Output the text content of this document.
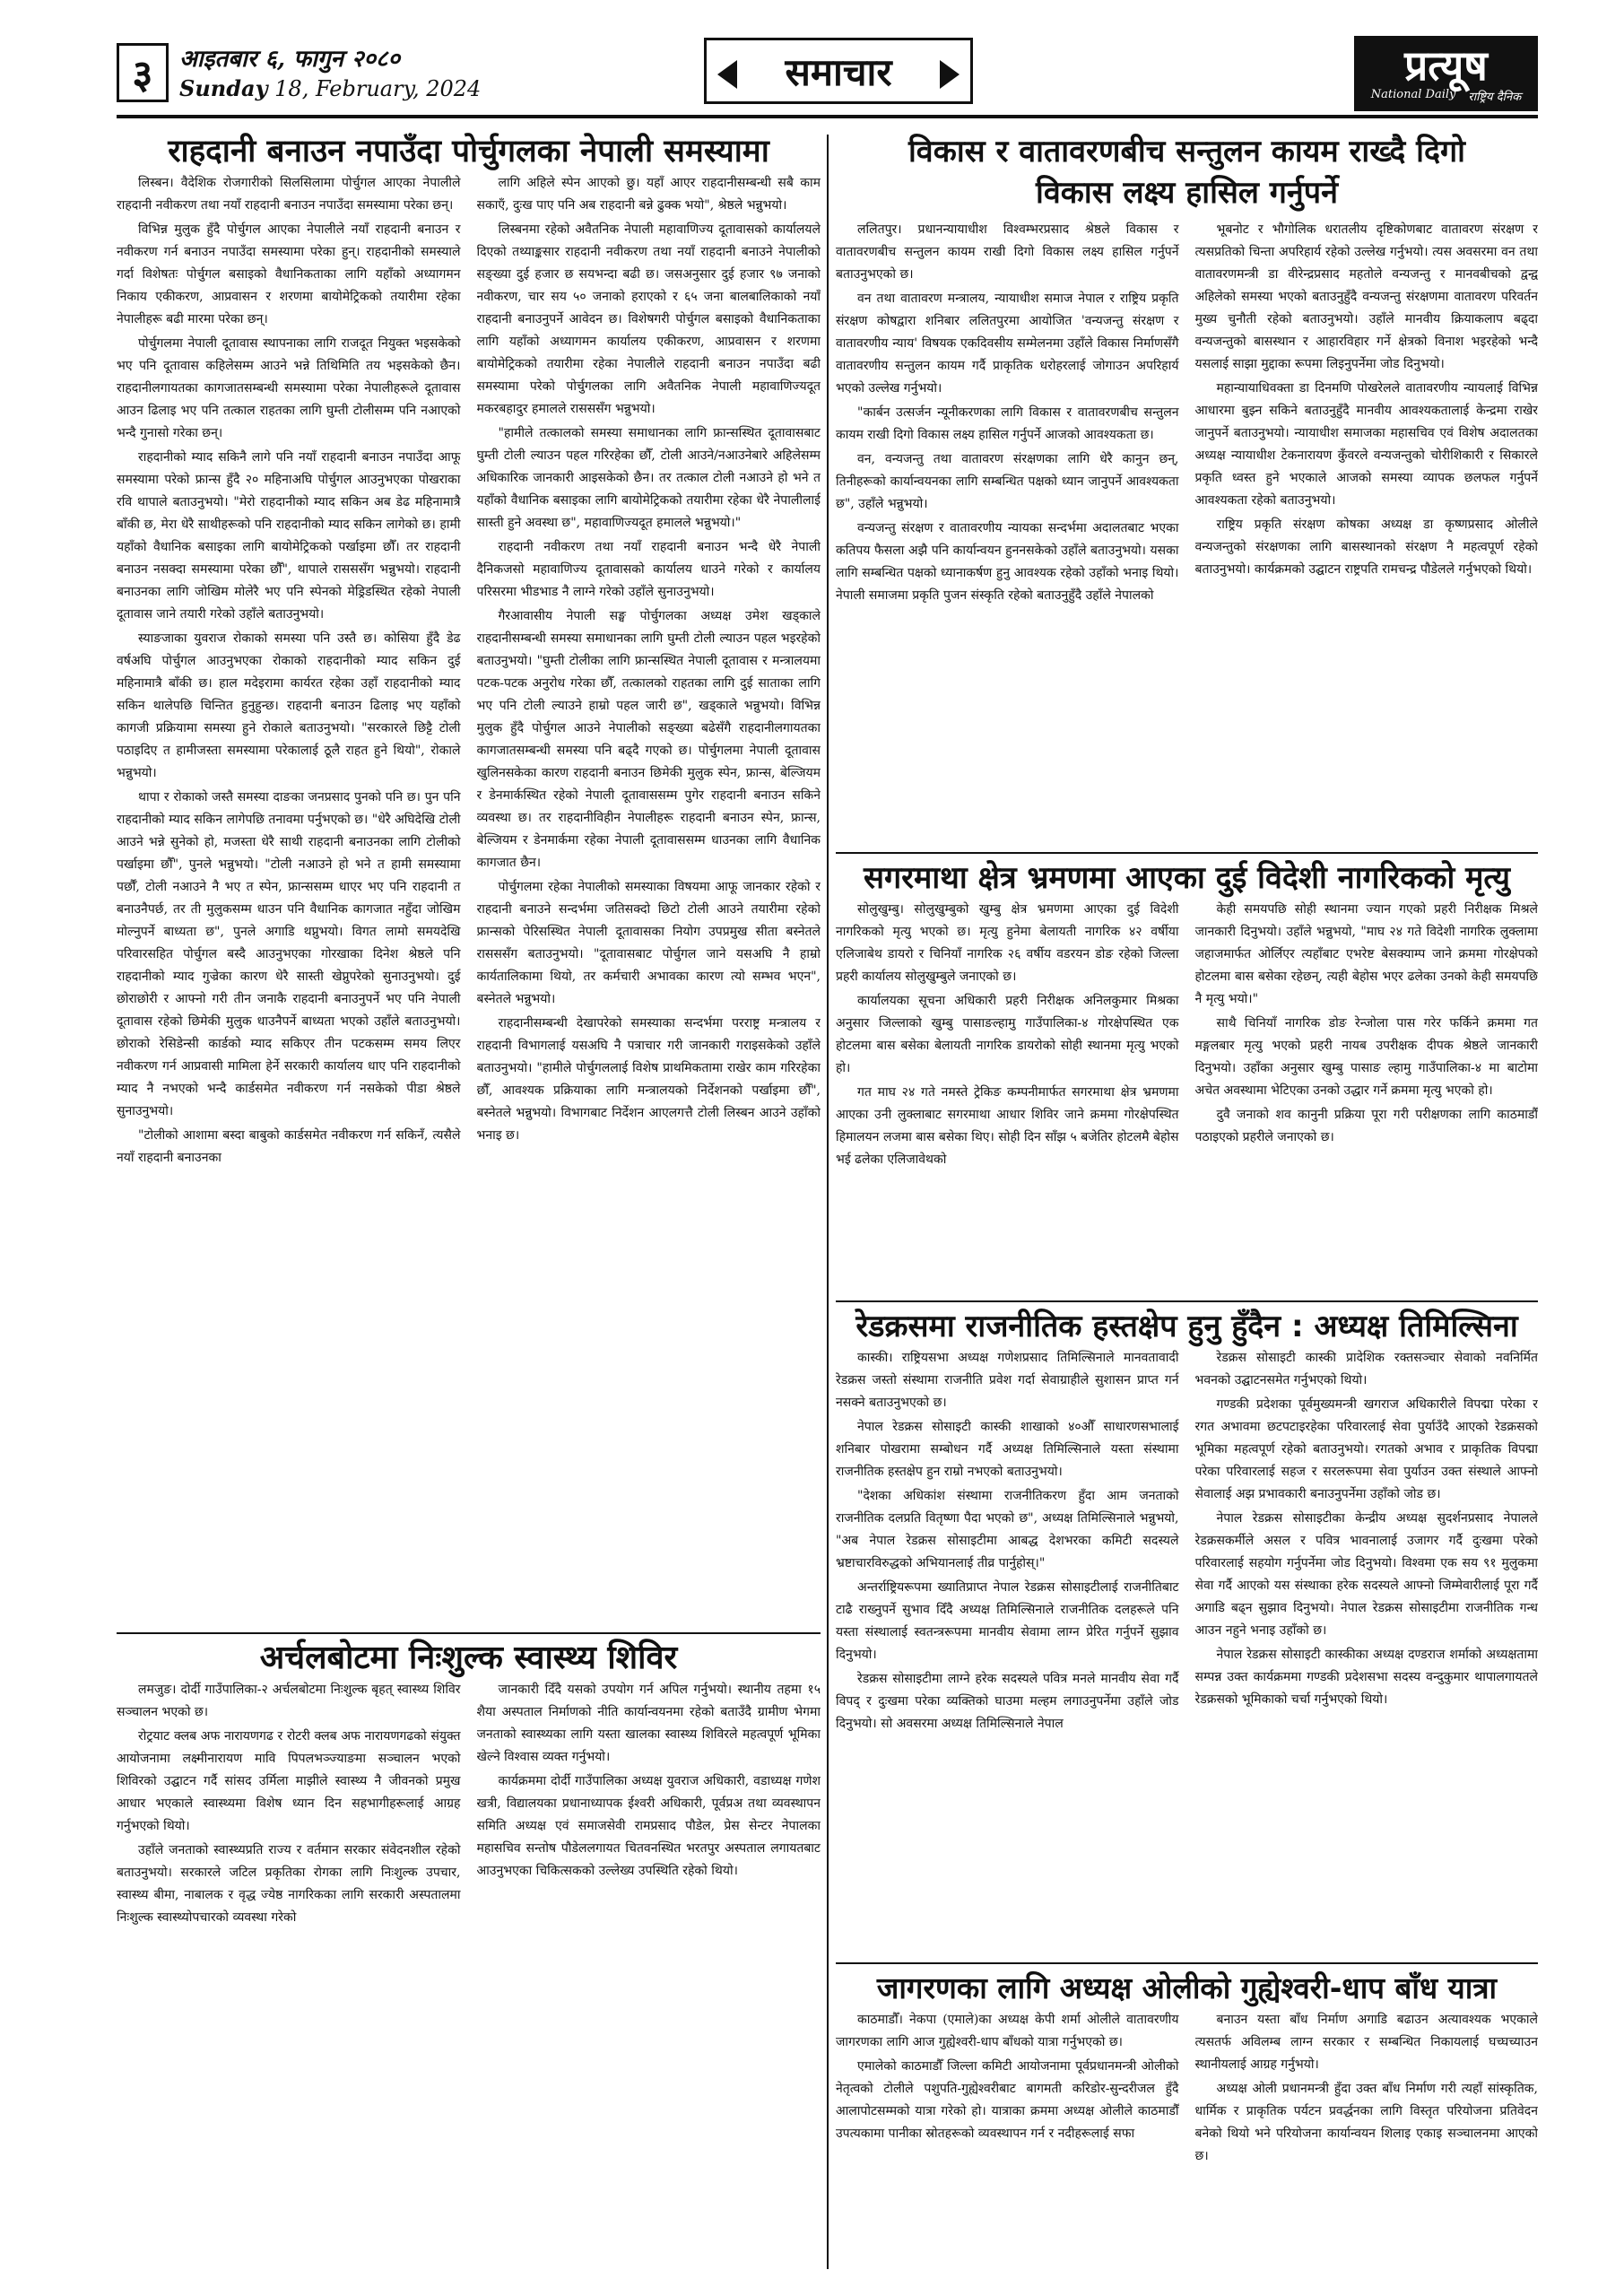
३	आइतबार ६, फागुन २०८०
Sunday 18, February, 2024	समाचार	प्रत्यूष
National Daily राष्ट्रिय दैनिक
राहदानी बनाउन नपाउँदा पोर्चुगलका नेपाली समस्यामा

लिस्बन। वैदेशिक रोजगारीको सिलसिलामा पोर्चुगल आएका नेपालीले राहदानी नवीकरण तथा नयाँ राहदानी बनाउन नपाउँदा समस्यामा परेका छन्।

विभिन्न मुलुक हुँदै पोर्चुगल आएका नेपालीले नयाँ राहदानी बनाउन र नवीकरण गर्न बनाउन नपाउँदा समस्यामा परेका हुन्। राहदानीको समस्याले गर्दा विशेषतः पोर्चुगल बसाइको वैधानिकताका लागि यहाँको अध्यागमन निकाय एकीकरण, आप्रवासन र शरणमा बायोमेट्रिकको तयारीमा रहेका नेपालीहरू बढी मारमा परेका छन्।

पोर्चुगलमा नेपाली दूतावास स्थापनाका लागि राजदूत नियुक्त भइसकेको भए पनि दूतावास कहिलेसम्म आउने भन्ने तिथिमिति तय भइसकेको छैन। राहदानीलगायतका कागजातसम्बन्धी समस्यामा परेका नेपालीहरूले दूतावास आउन ढिलाइ भए पनि तत्काल राहतका लागि घुम्ती टोलीसम्म पनि नआएको भन्दै गुनासो गरेका छन्।

राहदानीको म्याद सकिनै लागे पनि नयाँ राहदानी बनाउन नपाउँदा आफू समस्यामा परेको फ्रान्स हुँदै २० महिनाअघि पोर्चुगल आउनुभएका पोखराका रवि थापाले बताउनुभयो। "मेरो राहदानीको म्याद सकिन अब डेढ महिनामात्रै बाँकी छ, मेरा धेरै साथीहरूको पनि राहदानीको म्याद सकिन लागेको छ। हामी यहाँको वैधानिक बसाइका लागि बायोमेट्रिकको पर्खाइमा छौँ। तर राहदानी बनाउन नसक्दा समस्यामा परेका छौँ", थापाले रासससँग भन्नुभयो। राहदानी बनाउनका लागि जोखिम मोलेरै भए पनि स्पेनको मेड्रिडस्थित रहेको नेपाली दूतावास जाने तयारी गरेको उहाँले बताउनुभयो।

स्याङजाका युवराज रोकाको समस्या पनि उस्तै छ। कोसिया हुँदै डेढ वर्षअघि पोर्चुगल आउनुभएका रोकाको राहदानीको म्याद सकिन दुई महिनामात्रै बाँकी छ। हाल मदेइरामा कार्यरत रहेका उहाँ राहदानीको म्याद सकिन थालेपछि चिन्तित हुनुहुन्छ। राहदानी बनाउन ढिलाइ भए यहाँको कागजी प्रक्रियामा समस्या हुने रोकाले बताउनुभयो। "सरकारले छिट्टै टोली पठाइदिए त हामीजस्ता समस्यामा परेकालाई ठूलै राहत हुने थियो", रोकाले भन्नुभयो।

थापा र रोकाको जस्तै समस्या दाङका जनप्रसाद पुनको पनि छ। पुन पनि राहदानीको म्याद सकिन लागेपछि तनावमा पर्नुभएको छ। "धेरै अघिदेखि टोली आउने भन्ने सुनेको हो, मजस्ता धेरै साथी राहदानी बनाउनका लागि टोलीको पर्खाइमा छौँ", पुनले भन्नुभयो। "टोली नआउने हो भने त हामी समस्यामा पर्छौँ, टोली नआउने नै भए त स्पेन, फ्रान्ससम्म धाएर भए पनि राहदानी त बनाउनैपर्छ, तर ती मुलुकसम्म धाउन पनि वैधानिक कागजात नहुँदा जोखिम मोल्नुपर्ने बाध्यता छ", पुनले अगाडि थप्नुभयो। विगत लामो समयदेखि परिवारसहित पोर्चुगल बस्दै आउनुभएका गोरखाका दिनेश श्रेष्ठले पनि राहदानीको म्याद गुज्रेका कारण धेरै सास्ती खेप्नुपरेको सुनाउनुभयो। दुई छोराछोरी र आफ्नो गरी तीन जनाकै राहदानी बनाउनुपर्ने भए पनि नेपाली दूतावास रहेको छिमेकी मुलुक धाउनैपर्ने बाध्यता भएको उहाँले बताउनुभयो। छोराको रेसिडेन्सी कार्डको म्याद सकिएर तीन पटकसम्म समय लिएर नवीकरण गर्न आप्रवासी मामिला हेर्ने सरकारी कार्यालय धाए पनि राहदानीको म्याद नै नभएको भन्दै कार्डसमेत नवीकरण गर्न नसकेको पीडा श्रेष्ठले सुनाउनुभयो।

"टोलीको आशामा बस्दा बाबुको कार्डसमेत नवीकरण गर्न सकिनँ, त्यसैले नयाँ राहदानी बनाउनका

लागि अहिले स्पेन आएको छु। यहाँ आएर राहदानीसम्बन्धी सबै काम सकाएँ, दुःख पाए पनि अब राहदानी बन्ने ढुक्क भयो", श्रेष्ठले भन्नुभयो।

लिस्बनमा रहेको अवैतनिक नेपाली महावाणिज्य दूतावासको कार्यालयले दिएको तथ्याङ्कसार राहदानी नवीकरण तथा नयाँ राहदानी बनाउने नेपालीको सङ्ख्या दुई हजार छ सयभन्दा बढी छ। जसअनुसार दुई हजार ९७ जनाको नवीकरण, चार सय ५० जनाको हराएको र ६५ जना बालबालिकाको नयाँ राहदानी बनाउनुपर्ने आवेदन छ। विशेषगरी पोर्चुगल बसाइको वैधानिकताका लागि यहाँको अध्यागमन कार्यालय एकीकरण, आप्रवासन र शरणमा बायोमेट्रिकको तयारीमा रहेका नेपालीले राहदानी बनाउन नपाउँदा बढी समस्यामा परेको पोर्चुगलका लागि अवैतनिक नेपाली महावाणिज्यदूत मकरबहादुर हमालले रासससँग भन्नुभयो।

"हामीले तत्कालको समस्या समाधानका लागि फ्रान्सस्थित दूतावासबाट घुम्ती टोली ल्याउन पहल गरिरहेका छौँ, टोली आउने/नआउनेबारे अहिलेसम्म अधिकारिक जानकारी आइसकेको छैन। तर तत्काल टोली नआउने हो भने त यहाँको वैधानिक बसाइका लागि बायोमेट्रिकको तयारीमा रहेका धेरै नेपालीलाई सास्ती हुने अवस्था छ", महावाणिज्यदूत हमालले भन्नुभयो।"

राहदानी नवीकरण तथा नयाँ राहदानी बनाउन भन्दै धेरै नेपाली दैनिकजसो महावाणिज्य दूतावासको कार्यालय धाउने गरेको र कार्यालय परिसरमा भीडभाड नै लाग्ने गरेको उहाँले सुनाउनुभयो।

गैरआवासीय नेपाली सङ्घ पोर्चुगलका अध्यक्ष उमेश खड्काले राहदानीसम्बन्धी समस्या समाधानका लागि घुम्ती टोली ल्याउन पहल भइरहेको बताउनुभयो। "घुम्ती टोलीका लागि फ्रान्सस्थित नेपाली दूतावास र मन्त्रालयमा पटक-पटक अनुरोध गरेका छौँ, तत्कालको राहतका लागि दुई साताका लागि भए पनि टोली ल्याउने हाम्रो पहल जारी छ", खड्काले भन्नुभयो। विभिन्न मुलुक हुँदै पोर्चुगल आउने नेपालीको सङ्ख्या बढेसँगै राहदानीलगायतका कागजातसम्बन्धी समस्या पनि बढ्दै गएको छ। पोर्चुगलमा नेपाली दूतावास खुलिनसकेका कारण राहदानी बनाउन छिमेकी मुलुक स्पेन, फ्रान्स, बेल्जियम र डेनमार्कस्थित रहेको नेपाली दूतावाससम्म पुगेर राहदानी बनाउन सकिने व्यवस्था छ। तर राहदानीविहीन नेपालीहरू राहदानी बनाउन स्पेन, फ्रान्स, बेल्जियम र डेनमार्कमा रहेका नेपाली दूतावाससम्म धाउनका लागि वैधानिक कागजात छैन।

पोर्चुगलमा रहेका नेपालीको समस्याका विषयमा आफू जानकार रहेको र राहदानी बनाउने सन्दर्भमा जतिसक्दो छिटो टोली आउने तयारीमा रहेको फ्रान्सको पेरिसस्थित नेपाली दूतावासका नियोग उपप्रमुख सीता बस्नेतले रासससँग बताउनुभयो। "दूतावासबाट पोर्चुगल जाने यसअघि नै हाम्रो कार्यतालिकामा थियो, तर कर्मचारी अभावका कारण त्यो सम्भव भएन", बस्नेतले भन्नुभयो।

राहदानीसम्बन्धी देखापरेको समस्याका सन्दर्भमा परराष्ट्र मन्त्रालय र राहदानी विभागलाई यसअघि नै पत्राचार गरी जानकारी गराइसकेको उहाँले बताउनुभयो। "हामीले पोर्चुगललाई विशेष प्राथमिकतामा राखेर काम गरिरहेका छौँ, आवश्यक प्रक्रियाका लागि मन्त्रालयको निर्देशनको पर्खाइमा छौँ", बस्नेतले भन्नुभयो। विभागबाट निर्देशन आएलगत्तै टोली लिस्बन आउने उहाँको भनाइ छ।

अर्चलबोटमा निःशुल्क स्वास्थ्य शिविर

लमजुङ। दोर्दी गाउँपालिका-२ अर्चलबोटमा निःशुल्क बृहत् स्वास्थ्य शिविर सञ्चालन भएको छ।

रोट्रयाट क्लब अफ नारायणगढ र रोटरी क्लब अफ नारायणगढको संयुक्त आयोजनामा लक्ष्मीनारायण मावि पिपलभञ्ज्याङमा सञ्चालन भएको शिविरको उद्घाटन गर्दै सांसद उर्मिला माझीले स्वास्थ्य नै जीवनको प्रमुख आधार भएकाले स्वास्थ्यमा विशेष ध्यान दिन सहभागीहरूलाई आग्रह गर्नुभएको थियो।

उहाँले जनताको स्वास्थ्यप्रति राज्य र वर्तमान सरकार संवेदनशील रहेको बताउनुभयो। सरकारले जटिल प्रकृतिका रोगका लागि निःशुल्क उपचार, स्वास्थ्य बीमा, नाबालक र वृद्ध ज्येष्ठ नागरिकका लागि सरकारी अस्पतालमा निःशुल्क स्वास्थ्योपचारको व्यवस्था गरेको

जानकारी दिँदै यसको उपयोग गर्न अपिल गर्नुभयो। स्थानीय तहमा १५ शैया अस्पताल निर्माणको नीति कार्यान्वयनमा रहेको बताउँदै ग्रामीण भेगमा जनताको स्वास्थ्यका लागि यस्ता खालका स्वास्थ्य शिविरले महत्वपूर्ण भूमिका खेल्ने विश्वास व्यक्त गर्नुभयो।

कार्यक्रममा दोर्दी गाउँपालिका अध्यक्ष युवराज अधिकारी, वडाध्यक्ष गणेश खत्री, विद्यालयका प्रधानाध्यापक ईश्वरी अधिकारी, पूर्वप्रअ तथा व्यवस्थापन समिति अध्यक्ष एवं समाजसेवी रामप्रसाद पौडेल, प्रेस सेन्टर नेपालका महासचिव सन्तोष पौडेललगायत चितवनस्थित भरतपुर अस्पताल लगायतबाट आउनुभएका चिकित्सकको उल्लेख्य उपस्थिति रहेको थियो।

विकास र वातावरणबीच सन्तुलन कायम राख्दै दिगो
विकास लक्ष्य हासिल गर्नुपर्ने

ललितपुर। प्रधानन्यायाधीश विश्वम्भरप्रसाद श्रेष्ठले विकास र वातावरणबीच सन्तुलन कायम राखी दिगो विकास लक्ष्य हासिल गर्नुपर्ने बताउनुभएको छ।

वन तथा वातावरण मन्त्रालय, न्यायाधीश समाज नेपाल र राष्ट्रिय प्रकृति संरक्षण कोषद्वारा शनिबार ललितपुरमा आयोजित 'वन्यजन्तु संरक्षण र वातावरणीय न्याय' विषयक एकदिवसीय सम्मेलनमा उहाँले विकास निर्माणसँगै वातावरणीय सन्तुलन कायम गर्दै प्राकृतिक धरोहरलाई जोगाउन अपरिहार्य भएको उल्लेख गर्नुभयो।

"कार्बन उत्सर्जन न्यूनीकरणका लागि विकास र वातावरणबीच सन्तुलन कायम राखी दिगो विकास लक्ष्य हासिल गर्नुपर्ने आजको आवश्यकता छ।

वन, वन्यजन्तु तथा वातावरण संरक्षणका लागि धेरै कानुन छन्, तिनीहरूको कार्यान्वयनका लागि सम्बन्धित पक्षको ध्यान जानुपर्ने आवश्यकता छ", उहाँले भन्नुभयो।

वन्यजन्तु संरक्षण र वातावरणीय न्यायका सन्दर्भमा अदालतबाट भएका कतिपय फैसला अझै पनि कार्यान्वयन हुननसकेको उहाँले बताउनुभयो। यसका लागि सम्बन्धित पक्षको ध्यानाकर्षण हुनु आवश्यक रहेको उहाँको भनाइ थियो। नेपाली समाजमा प्रकृति पुजन संस्कृति रहेको बताउनुहुँदै उहाँले नेपालको

भूबनोट र भौगोलिक धरातलीय दृष्टिकोणबाट वातावरण संरक्षण र त्यसप्रतिको चिन्ता अपरिहार्य रहेको उल्लेख गर्नुभयो। त्यस अवसरमा वन तथा वातावरणमन्त्री डा वीरेन्द्रप्रसाद महतोले वन्यजन्तु र मानवबीचको द्वन्द्व अहिलेको समस्या भएको बताउनुहुँदै वन्यजन्तु संरक्षणमा वातावरण परिवर्तन मुख्य चुनौती रहेको बताउनुभयो। उहाँले मानवीय क्रियाकलाप बढ्दा वन्यजन्तुको बासस्थान र आहारविहार गर्ने क्षेत्रको विनाश भइरहेको भन्दै यसलाई साझा मुद्दाका रूपमा लिइनुपर्नेमा जोड दिनुभयो।

महान्यायाधिवक्ता डा दिनमणि पोखरेलले वातावरणीय न्यायलाई विभिन्न आधारमा बुझ्न सकिने बताउनुहुँदै मानवीय आवश्यकतालाई केन्द्रमा राखेर जानुपर्ने बताउनुभयो। न्यायाधीश समाजका महासचिव एवं विशेष अदालतका अध्यक्ष न्यायाधीश टेकनारायण कुँवरले वन्यजन्तुको चोरीशिकारी र सिकारले प्रकृति ध्वस्त हुने भएकाले आजको समस्या व्यापक छलफल गर्नुपर्ने आवश्यकता रहेको बताउनुभयो।

राष्ट्रिय प्रकृति संरक्षण कोषका अध्यक्ष डा कृष्णप्रसाद ओलीले वन्यजन्तुको संरक्षणका लागि बासस्थानको संरक्षण नै महत्वपूर्ण रहेको बताउनुभयो। कार्यक्रमको उद्घाटन राष्ट्रपति रामचन्द्र पौडेलले गर्नुभएको थियो।

सगरमाथा क्षेत्र भ्रमणमा आएका दुई विदेशी नागरिकको मृत्यु

सोलुखुम्बु। सोलुखुम्बुको खुम्बु क्षेत्र भ्रमणमा आएका दुई विदेशी नागरिकको मृत्यु भएको छ। मृत्यु हुनेमा बेलायती नागरिक ४२ वर्षीया एलिजाबेथ डायरो र चिनियाँ नागरिक २६ वर्षीय वडरयन डोङ रहेको जिल्ला प्रहरी कार्यालय सोलुखुम्बुले जनाएको छ।

कार्यालयका सूचना अधिकारी प्रहरी निरीक्षक अनिलकुमार मिश्रका अनुसार जिल्लाको खुम्बु पासाङल्हामु गाउँपालिका-४ गोरक्षेपस्थित एक होटलमा बास बसेका बेलायती नागरिक डायरोको सोही स्थानमा मृत्यु भएको हो।

गत माघ २४ गते नमस्ते ट्रेकिङ कम्पनीमार्फत सगरमाथा क्षेत्र भ्रमणमा आएका उनी लुक्लाबाट सगरमाथा आधार शिविर जाने क्रममा गोरक्षेपस्थित हिमालयन लजमा बास बसेका थिए। सोही दिन साँझ ५ बजेतिर होटलमै बेहोस भई ढलेका एलिजावेथको

केही समयपछि सोही स्थानमा ज्यान गएको प्रहरी निरीक्षक मिश्रले जानकारी दिनुभयो। उहाँले भन्नुभयो, "माघ २४ गते विदेशी नागरिक लुक्लामा जहाजमार्फत ओर्लिएर त्यहाँबाट एभरेष्ट बेसक्याम्प जाने क्रममा गोरक्षेपको होटलमा बास बसेका रहेछन्, त्यही बेहोस भएर ढलेका उनको केही समयपछि नै मृत्यु भयो।"

साथै चिनियाँ नागरिक डोङ रेन्जोला पास गरेर फर्किने क्रममा गत मङ्गलबार मृत्यु भएको प्रहरी नायब उपरीक्षक दीपक श्रेष्ठले जानकारी दिनुभयो। उहाँका अनुसार खुम्बु पासाङ ल्हामु गाउँपालिका-४ मा बाटोमा अचेत अवस्थामा भेटिएका उनको उद्धार गर्ने क्रममा मृत्यु भएको हो।

दुवै जनाको शव कानुनी प्रक्रिया पूरा गरी परीक्षणका लागि काठमाडौँ पठाइएको प्रहरीले जनाएको छ।

रेडक्रसमा राजनीतिक हस्तक्षेप हुनु हुँदैन : अध्यक्ष तिमिल्सिना

कास्की। राष्ट्रियसभा अध्यक्ष गणेशप्रसाद तिमिल्सिनाले मानवतावादी रेडक्रस जस्तो संस्थामा राजनीति प्रवेश गर्दा सेवाग्राहीले सुशासन प्राप्त गर्न नसक्ने बताउनुभएको छ।

नेपाल रेडक्रस सोसाइटी कास्की शाखाको ४०औँ साधारणसभालाई शनिबार पोखरामा सम्बोधन गर्दै अध्यक्ष तिमिल्सिनाले यस्ता संस्थामा राजनीतिक हस्तक्षेप हुन राम्रो नभएको बताउनुभयो।

"देशका अधिकांश संस्थामा राजनीतिकरण हुँदा आम जनताको राजनीतिक दलप्रति वितृष्णा पैदा भएको छ", अध्यक्ष तिमिल्सिनाले भन्नुभयो, "अब नेपाल रेडक्रस सोसाइटीमा आबद्ध देशभरका कमिटी सदस्यले भ्रष्टाचारविरुद्धको अभियानलाई तीव्र पार्नुहोस्।"

अन्तर्राष्ट्रियरूपमा ख्यातिप्राप्त नेपाल रेडक्रस सोसाइटीलाई राजनीतिबाट टाढै राख्नुपर्ने सुभाव दिँदै अध्यक्ष तिमिल्सिनाले राजनीतिक दलहरूले पनि यस्ता संस्थालाई स्वतन्त्ररूपमा मानवीय सेवामा लाग्न प्रेरित गर्नुपर्ने सुझाव दिनुभयो।

रेडक्रस सोसाइटीमा लाग्ने हरेक सदस्यले पवित्र मनले मानवीय सेवा गर्दै विपद् र दुःखमा परेका व्यक्तिको घाउमा मल्हम लगाउनुपर्नेमा उहाँले जोड दिनुभयो। सो अवसरमा अध्यक्ष तिमिल्सिनाले नेपाल

रेडक्रस सोसाइटी कास्की प्रादेशिक रक्तसञ्चार सेवाको नवनिर्मित भवनको उद्घाटनसमेत गर्नुभएको थियो।

गण्डकी प्रदेशका पूर्वमुख्यमन्त्री खगराज अधिकारीले विपद्मा परेका र रगत अभावमा छटपटाइरहेका परिवारलाई सेवा पुर्याउँदै आएको रेडक्रसको भूमिका महत्वपूर्ण रहेको बताउनुभयो। रगतको अभाव र प्राकृतिक विपद्मा परेका परिवारलाई सहज र सरलरूपमा सेवा पुर्याउन उक्त संस्थाले आफ्नो सेवालाई अझ प्रभावकारी बनाउनुपर्नेमा उहाँको जोड छ।

नेपाल रेडक्रस सोसाइटीका केन्द्रीय अध्यक्ष सुदर्शनप्रसाद नेपालले रेडक्रसकर्मीले असल र पवित्र भावनालाई उजागर गर्दै दुःखमा परेको परिवारलाई सहयोग गर्नुपर्नेमा जोड दिनुभयो। विश्वमा एक सय ९१ मुलुकमा सेवा गर्दै आएको यस संस्थाका हरेक सदस्यले आफ्नो जिम्मेवारीलाई पूरा गर्दै अगाडि बढ्न सुझाव दिनुभयो। नेपाल रेडक्रस सोसाइटीमा राजनीतिक गन्ध आउन नहुने भनाइ उहाँको छ।

नेपाल रेडक्रस सोसाइटी कास्कीका अध्यक्ष दण्डराज शर्माको अध्यक्षतामा सम्पन्न उक्त कार्यक्रममा गण्डकी प्रदेशसभा सदस्य वन्दुकुमार थापालगायतले रेडक्रसको भूमिकाको चर्चा गर्नुभएको थियो।

जागरणका लागि अध्यक्ष ओलीको गुह्येश्वरी-धाप बाँध यात्रा

काठमाडौँ। नेकपा (एमाले)का अध्यक्ष केपी शर्मा ओलीले वातावरणीय जागरणका लागि आज गुह्येश्वरी-धाप बाँधको यात्रा गर्नुभएको छ।

एमालेको काठमाडौँ जिल्ला कमिटी आयोजनामा पूर्वप्रधानमन्त्री ओलीको नेतृत्वको टोलीले पशुपति-गुह्येश्वरीबाट बागमती करिडोर-सुन्दरीजल हुँदै आलापोटसम्मको यात्रा गरेको हो। यात्राका क्रममा अध्यक्ष ओलीले काठमाडौँ उपत्यकामा पानीका स्रोतहरूको व्यवस्थापन गर्न र नदीहरूलाई सफा

बनाउन यस्ता बाँध निर्माण अगाडि बढाउन अत्यावश्यक भएकाले त्यसतर्फ अविलम्ब लाग्न सरकार र सम्बन्धित निकायलाई घच्घच्याउन स्थानीयलाई आग्रह गर्नुभयो।

अध्यक्ष ओली प्रधानमन्त्री हुँदा उक्त बाँध निर्माण गरी त्यहाँ सांस्कृतिक, धार्मिक र प्राकृतिक पर्यटन प्रवर्द्धनका लागि विस्तृत परियोजना प्रतिवेदन बनेको थियो भने परियोजना कार्यान्वयन शिलाइ एकाइ सञ्चालनमा आएको छ।
